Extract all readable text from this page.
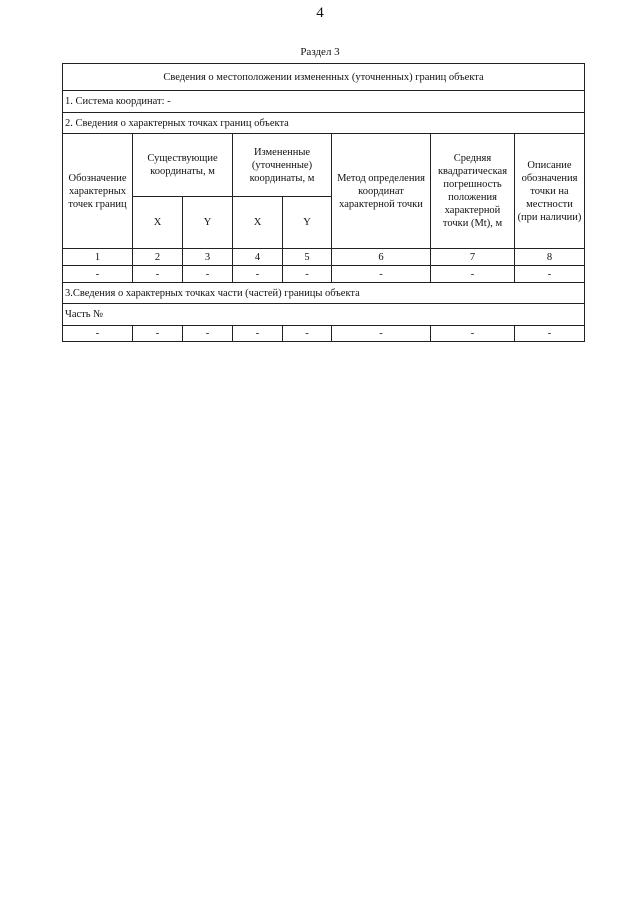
4
Раздел 3
Сведения о местоположении измененных (уточненных) границ объекта							
1. Система координат: -							
2. Сведения о характерных точках границ объекта							
Обозначение характерных точек границ	Существующие координаты, м		Измененные (уточненные) координаты, м		Метод определения координат характерной точки	Средняя квадратическая погрешность положения характерной точки (Mt), м	Описание обозначения точки на местности (при наличии)
	X	Y	X	Y			
1	2	3	4	5	6	7	8
-	-	-	-	-	-	-	-
3.Сведения о характерных точках части (частей) границы объекта							
Часть №							
-	-	-	-	-	-	-	-
